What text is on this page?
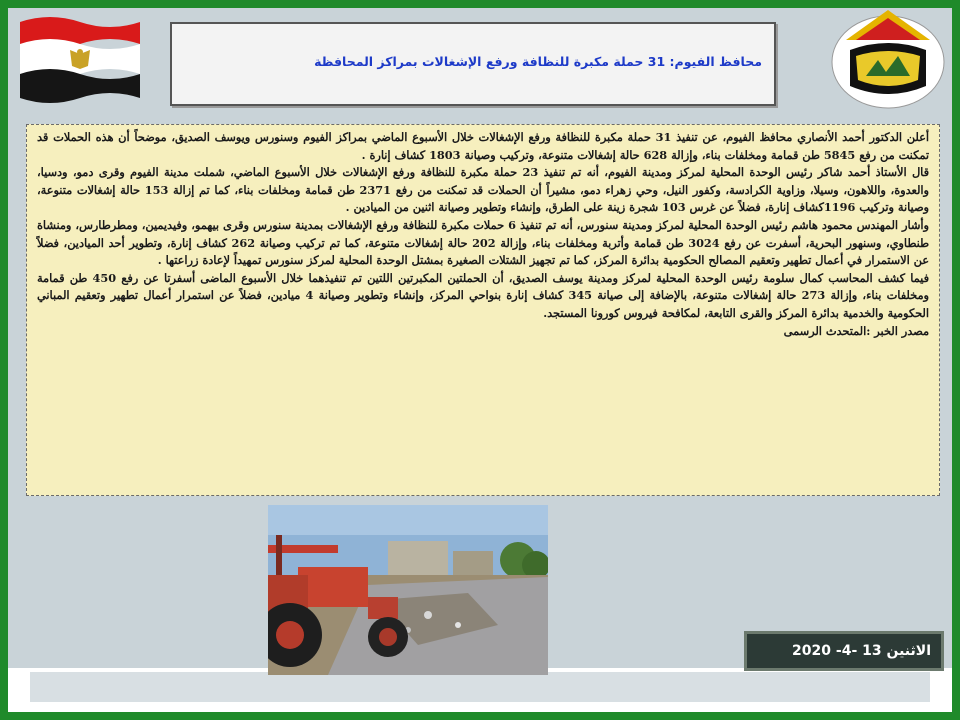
محافظ الفيوم: 31 حملة مكبرة للنظافة ورفع الإشغالات بمراكز المحافظة

أعلن الدكتور أحمد الأنصاري محافظ الفيوم، عن تنفيذ 31 حملة مكبرة للنظافة ورفع الإشغالات خلال الأسبوع الماضي بمراكز الفيوم وسنورس ويوسف الصديق، موضحاً أن هذه الحملات قد تمكنت من رفع 5845 طن قمامة ومخلفات بناء، وإزالة 628 حالة إشغالات متنوعة، وتركيب وصيانة 1803 كشاف إنارة .

قال الأستاذ أحمد شاكر رئيس الوحدة المحلية لمركز ومدينة الفيوم، أنه تم تنفيذ 23 حملة مكبرة للنظافة ورفع الإشغالات خلال الأسبوع الماضي، شملت مدينة الفيوم وقرى دمو، ودسيا، والعدوة، واللاهون، وسيلا، وزاوية الكرادسة، وكفور النيل، وحي زهراء دمو، مشيراً أن الحملات قد تمكنت من رفع 2371 طن قمامة ومخلفات بناء، كما تم إزالة 153 حالة إشغالات متنوعة، وصيانة وتركيب 1196كشاف إنارة، فضلاً عن غرس 103 شجرة زينة على الطرق، وإنشاء وتطوير وصيانة اثنين من الميادين .

وأشار المهندس محمود هاشم رئيس الوحدة المحلية لمركز ومدينة سنورس، أنه تم تنفيذ 6 حملات مكبرة للنظافة ورفع الإشغالات بمدينة سنورس وقرى بيهمو، وفيديمين، ومطرطارس، ومنشاة طنطاوي، وسنهور البحرية، أسفرت عن رفع 3024 طن قمامة وأتربة ومخلفات بناء، وإزالة 202 حالة إشغالات متنوعة، كما تم تركيب وصيانة 262 كشاف إنارة، وتطوير أحد الميادين، فضلاً عن الاستمرار في أعمال تطهير وتعقيم المصالح الحكومية بدائرة المركز، كما تم تجهيز الشتلات الصغيرة بمشتل الوحدة المحلية لمركز سنورس تمهيداً لإعادة زراعتها .

فيما كشف المحاسب كمال سلومة رئيس الوحدة المحلية لمركز ومدينة يوسف الصديق، أن الحملتين المكبرتين اللتين تم تنفيذهما خلال الأسبوع الماضى أسفرتا عن رفع 450 طن قمامة ومخلفات بناء، وإزالة 273 حالة إشغالات متنوعة، بالإضافة إلى صيانة 345 كشاف إنارة بنواحي المركز، وإنشاء وتطوير وصيانة 4 ميادين، فضلاً عن استمرار أعمال تطهير وتعقيم المباني الحكومية والخدمية بدائرة المركز والقرى التابعة، لمكافحة فيروس كورونا المستجد.

مصدر الخبر :المتحدث الرسمى

الاثنين 13 -4- 2020
